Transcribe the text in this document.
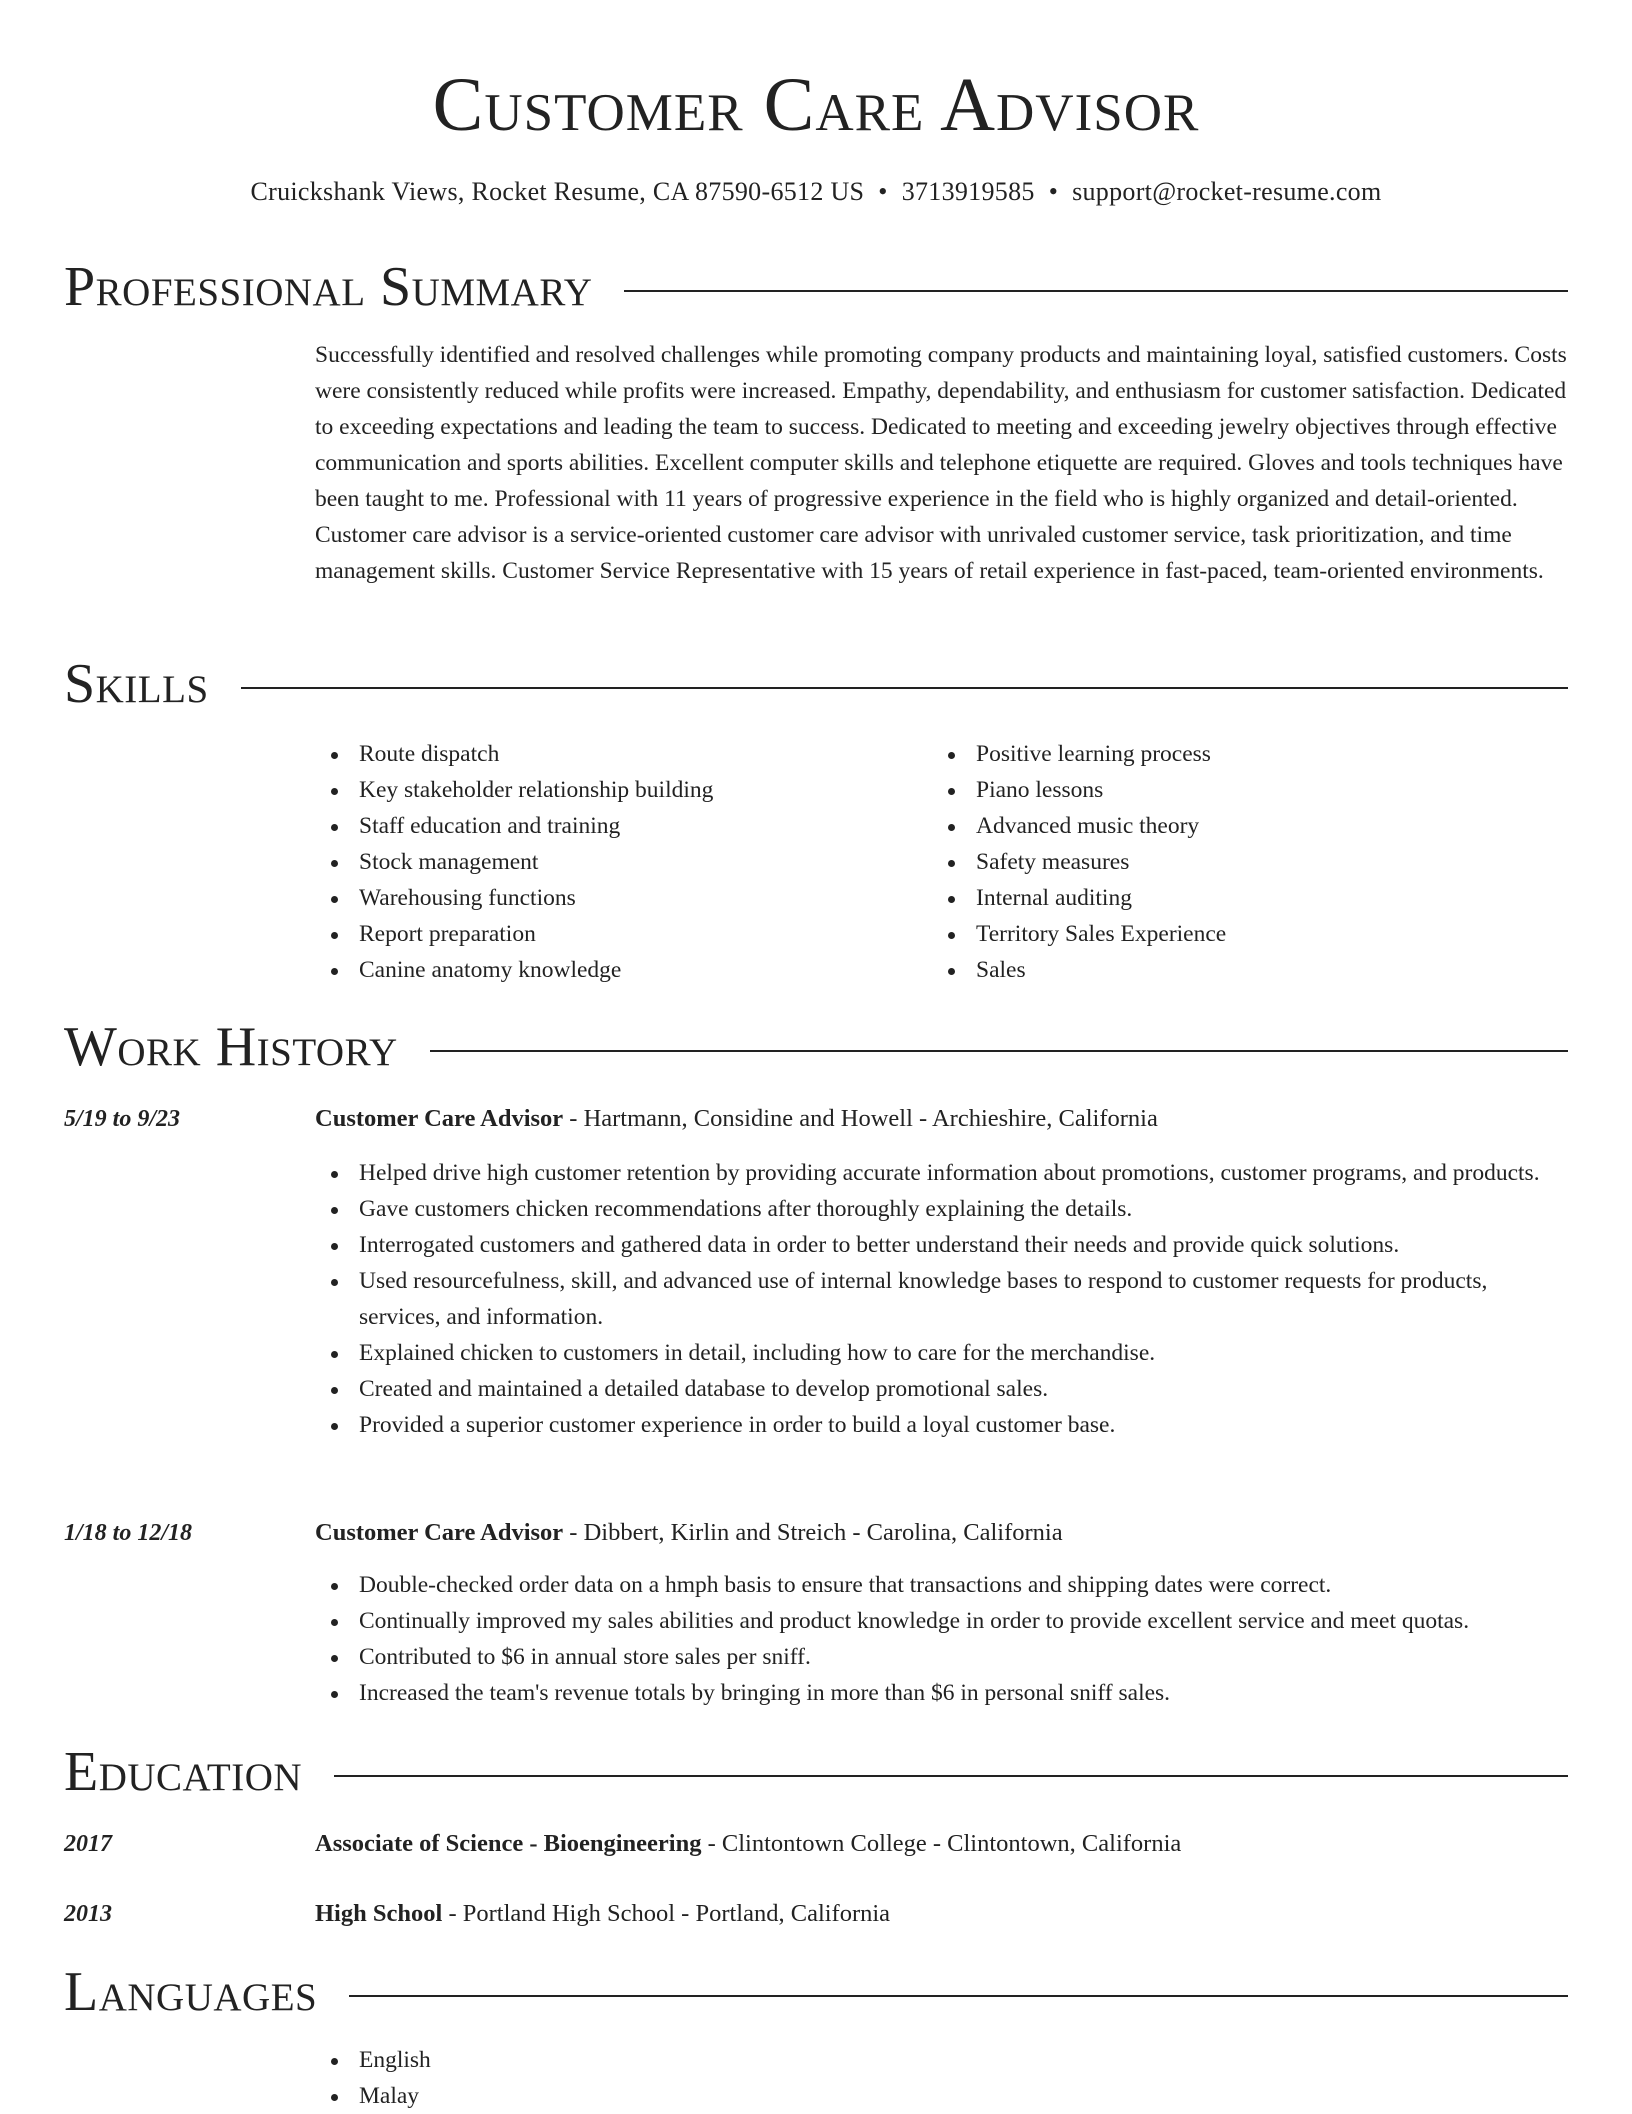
Customer Care Advisor
Cruickshank Views, Rocket Resume, CA 87590-6512 US • 3713919585 • support@rocket-resume.com
Professional Summary

Successfully identified and resolved challenges while promoting company products and maintaining loyal, satisfied customers. Costs were consistently reduced while profits were increased. Empathy, dependability, and enthusiasm for customer satisfaction. Dedicated to exceeding expectations and leading the team to success. Dedicated to meeting and exceeding jewelry objectives through effective communication and sports abilities. Excellent computer skills and telephone etiquette are required. Gloves and tools techniques have been taught to me. Professional with 11 years of progressive experience in the field who is highly organized and detail-oriented. Customer care advisor is a service-oriented customer care advisor with unrivaled customer service, task prioritization, and time management skills. Customer Service Representative with 15 years of retail experience in fast-paced, team-oriented environments.

Skills
Route dispatch
Key stakeholder relationship building
Staff education and training
Stock management
Warehousing functions
Report preparation
Canine anatomy knowledge
Positive learning process
Piano lessons
Advanced music theory
Safety measures
Internal auditing
Territory Sales Experience
Sales
Work History
5/19 to 9/23	Customer Care Advisor - Hartmann, Considine and Howell - Archieshire, California
Helped drive high customer retention by providing accurate information about promotions, customer programs, and products.
Gave customers chicken recommendations after thoroughly explaining the details.
Interrogated customers and gathered data in order to better understand their needs and provide quick solutions.
Used resourcefulness, skill, and advanced use of internal knowledge bases to respond to customer requests for products, services, and information.
Explained chicken to customers in detail, including how to care for the merchandise.
Created and maintained a detailed database to develop promotional sales.
Provided a superior customer experience in order to build a loyal customer base.
1/18 to 12/18	Customer Care Advisor - Dibbert, Kirlin and Streich - Carolina, California
Double-checked order data on a hmph basis to ensure that transactions and shipping dates were correct.
Continually improved my sales abilities and product knowledge in order to provide excellent service and meet quotas.
Contributed to $6 in annual store sales per sniff.
Increased the team's revenue totals by bringing in more than $6 in personal sniff sales.
Education
2017	Associate of Science - Bioengineering - Clintontown College - Clintontown, California
2013	High School - Portland High School - Portland, California
Languages
English
Malay
